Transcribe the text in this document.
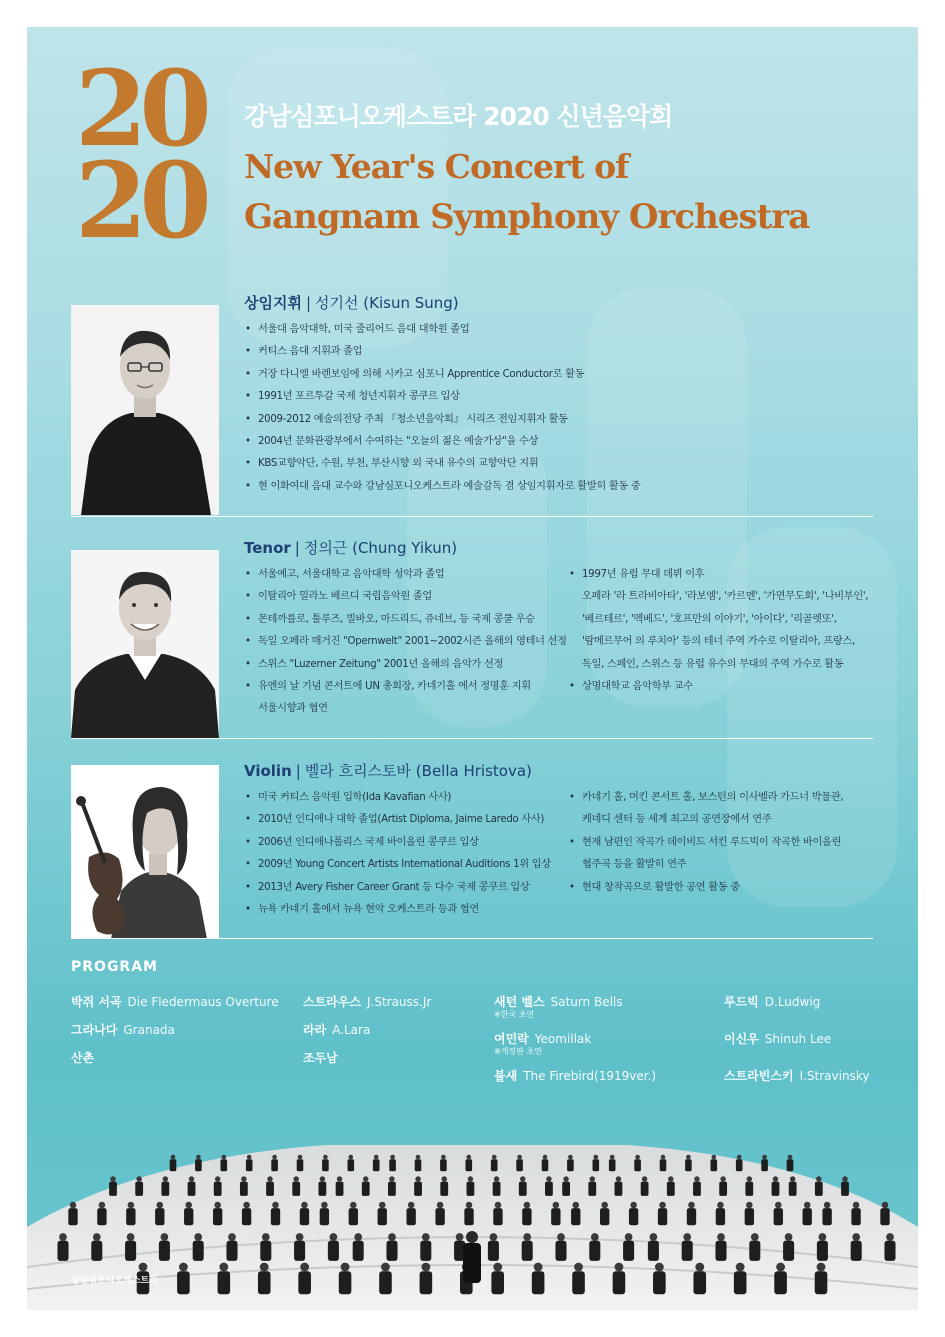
20
20
강남심포니오케스트라 2020 신년음악회
New Year's Concert of
Gangnam Symphony Orchestra
상임지휘 | 성기선 (Kisun Sung)
• 서울대 음악대학, 미국 줄리어드 음대 대학원 졸업
• 커티스 음대 지휘과 졸업
• 거장 다니엘 바렌보임에 의해 시카고 심포니 Apprentice Conductor로 활동
• 1991년 포르투갈 국제 청년지휘자 콩쿠르 입상
• 2009-2012 예술의전당 주최 『청소년음악회』 시리즈 전임지휘자 활동
• 2004년 문화관광부에서 수여하는 "오늘의 젊은 예술가상"을 수상
• KBS교향악단, 수원, 부천, 부산시향 외 국내 유수의 교향악단 지휘
• 현 이화여대 음대 교수와 강남심포니오케스트라 예술감독 겸 상임지휘자로 활발히 활동 중
Tenor | 정의근 (Chung Yikun)
• 서울예고, 서울대학교 음악대학 성악과 졸업
• 이탈리아 밀라노 베르디 국립음악원 졸업
• 몬테까를로, 툴루즈, 빌바오, 마드리드, 쥬네브, 등 국제 콩쿨 우승
• 독일 오페라 매거진 "Opernwelt" 2001~2002시즌 올해의 영테너 선정
• 스위스 "Luzerner Zeitung" 2001년 올해의 음악가 선정
• 유엔의 날 기념 콘서트에 UN 총회장, 카네기홀 에서 정명훈 지휘
서울시향과 협연
• 1997년 유럽 무대 데뷔 이후
오페라 '라 트라비아타', '라보엠', '카르멘', '가면무도회', '나비부인',
'베르테르', '멕베드', '호프만의 이야기', '아이다', '리골렛또',
'람메르무어 의 루치아' 등의 테너 주역 가수로 이탈리아, 프랑스,
독일, 스페인, 스위스 등 유럽 유수의 무대의 주역 가수로 활동
• 상명대학교 음악학부 교수
Violin | 벨라 흐리스토바 (Bella Hristova)
• 미국 커티스 음악원 입학(Ida Kavafian 사사)
• 2010년 인디애나 대학 졸업(Artist Diploma, Jaime Laredo 사사)
• 2006년 인디애나폴리스 국제 바이올린 콩쿠르 입상
• 2009년 Young Concert Artists International Auditions 1위 입상
• 2013년 Avery Fisher Career Grant 등 다수 국제 콩쿠르 입상
• 뉴욕 카네기 홀에서 뉴욕 현악 오케스트라 등과 협연
• 카네기 홀, 머킨 콘서트 홀, 보스턴의 이사벨라 가드너 박물관,
케네디 센터 등 세계 최고의 공연장에서 연주
• 현재 남편인 작곡가 데이비드 서킨 루드빅이 작곡한 바이올린
협주곡 등을 활발히 연주
• 현대 창작곡으로 활발한 공연 활동 중
PROGRAM
박쥐 서곡 Die Fledermaus Overture
그라나다 Granada
산촌
스트라우스 J.Strauss.Jr
라라 A.Lara
조두남
새턴 벨스 Saturn Bells
※한국 초연
여민락 Yeomillak
※개정판 초연
불새 The Firebird(1919ver.)
루드빅 D.Ludwig
이신우 Shinuh Lee
스트라빈스키 I.Stravinsky
강남심포니오케스트라
